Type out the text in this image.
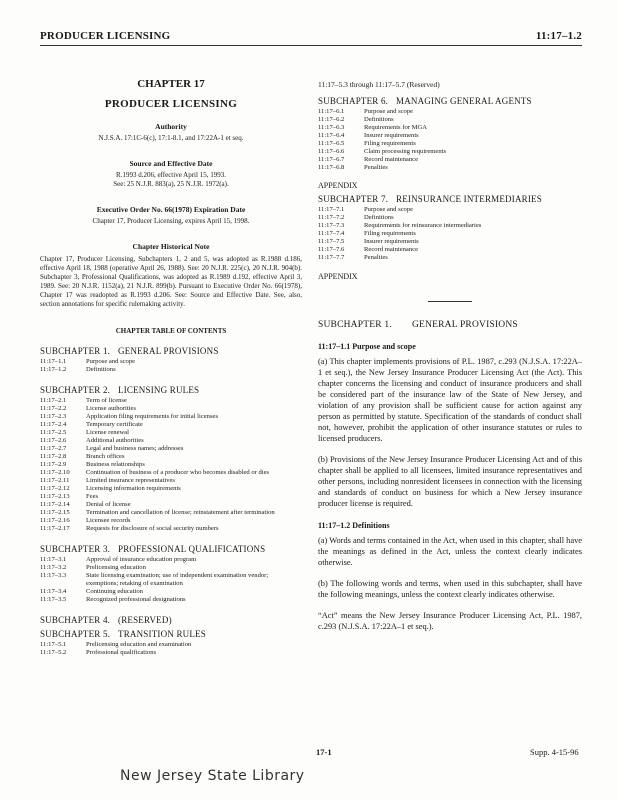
PRODUCER LICENSING	11:17–1.2
CHAPTER 17
PRODUCER LICENSING
Authority
N.J.S.A. 17:1C-6(c), 17:1-8.1, and 17:22A-1 et seq.
Source and Effective Date
R.1993 d.206, effective April 15, 1993.
See: 25 N.J.R. 883(a), 25 N.J.R. 1972(a).
Executive Order No. 66(1978) Expiration Date
Chapter 17, Producer Licensing, expires April 15, 1998.
Chapter Historical Note
Chapter 17, Producer Licensing, Subchapters 1, 2 and 5, was adopted as R.1988 d.186, effective April 18, 1988 (operative April 26, 1988). See: 20 N.J.R. 225(c), 20 N.J.R. 904(b). Subchapter 3, Professional Qualifications, was adopted as R.1989 d.192, effective April 3, 1989. See: 20 N.J.R. 1152(a), 21 N.J.R. 899(b). Pursuant to Executive Order No. 66(1978), Chapter 17 was readopted as R.1993 d.206. See: Source and Effective Date. See, also, section annotations for specific rulemaking activity.
CHAPTER TABLE OF CONTENTS
SUBCHAPTER 1. GENERAL PROVISIONS
11:17–1.1	Purpose and scope
11:17–1.2	Definitions
SUBCHAPTER 2. LICENSING RULES
11:17–2.1	Term of license
11:17–2.2	License authorities
11:17–2.3	Application filing requirements for initial licenses
11:17–2.4	Temporary certificate
11:17–2.5	License renewal
11:17–2.6	Additional authorities
11:17–2.7	Legal and business names; addresses
11:17–2.8	Branch offices
11:17–2.9	Business relationships
11:17–2.10	Continuation of business of a producer who becomes disabled or dies
11:17–2.11	Limited insurance representatives
11:17–2.12	Licensing information requirements
11:17–2.13	Fees
11:17–2.14	Denial of license
11:17–2.15	Termination and cancellation of license; reinstatement after termination
11:17–2.16	Licensee records
11:17–2.17	Requests for disclosure of social security numbers
SUBCHAPTER 3. PROFESSIONAL QUALIFICATIONS
11:17–3.1	Approval of insurance education program
11:17–3.2	Prelicensing education
11:17–3.3	State licensing examination; use of independent examination vendor; exemptions; retaking of examination
11:17–3.4	Continuing education
11:17–3.5	Recognized professional designations
SUBCHAPTER 4. (RESERVED)
SUBCHAPTER 5. TRANSITION RULES
11:17–5.1	Prelicensing education and examination
11:17–5.2	Professional qualifications
11:17–5.3 through 11:17–5.7 (Reserved)
SUBCHAPTER 6. MANAGING GENERAL AGENTS
11:17–6.1	Purpose and scope
11:17–6.2	Definitions
11:17–6.3	Requirements for MGA
11:17–6.4	Insurer requirements
11:17–6.5	Filing requirements
11:17–6.6	Claim processing requirements
11:17–6.7	Record maintenance
11:17–6.8	Penalties
APPENDIX
SUBCHAPTER 7. REINSURANCE INTERMEDIARIES
11:17–7.1	Purpose and scope
11:17–7.2	Definitions
11:17–7.3	Requirements for reinsurance intermediaries
11:17–7.4	Filing requirements
11:17–7.5	Insurer requirements
11:17–7.6	Record maintenance
11:17–7.7	Penalties
APPENDIX
SUBCHAPTER 1. GENERAL PROVISIONS
11:17–1.1 Purpose and scope
(a) This chapter implements provisions of P.L. 1987, c.293 (N.J.S.A. 17:22A–1 et seq.), the New Jersey Insurance Producer Licensing Act (the Act). This chapter concerns the licensing and conduct of insurance producers and shall be considered part of the insurance law of the State of New Jersey, and violation of any provision shall be sufficient cause for action against any person as permitted by statute. Specification of the standards of conduct shall not, however, prohibit the application of other insurance statutes or rules to licensed producers.
(b) Provisions of the New Jersey Insurance Producer Licensing Act and of this chapter shall be applied to all licensees, limited insurance representatives and other persons, including nonresident licensees in connection with the licensing and standards of conduct on business for which a New Jersey insurance producer license is required.
11:17–1.2 Definitions
(a) Words and terms contained in the Act, when used in this chapter, shall have the meanings as defined in the Act, unless the context clearly indicates otherwise.
(b) The following words and terms, when used in this subchapter, shall have the following meanings, unless the context clearly indicates otherwise.
“Act” means the New Jersey Insurance Producer Licensing Act, P.L. 1987, c.293 (N.J.S.A. 17:22A–1 et seq.).
17-1	Supp. 4-15-96
New Jersey State Library
